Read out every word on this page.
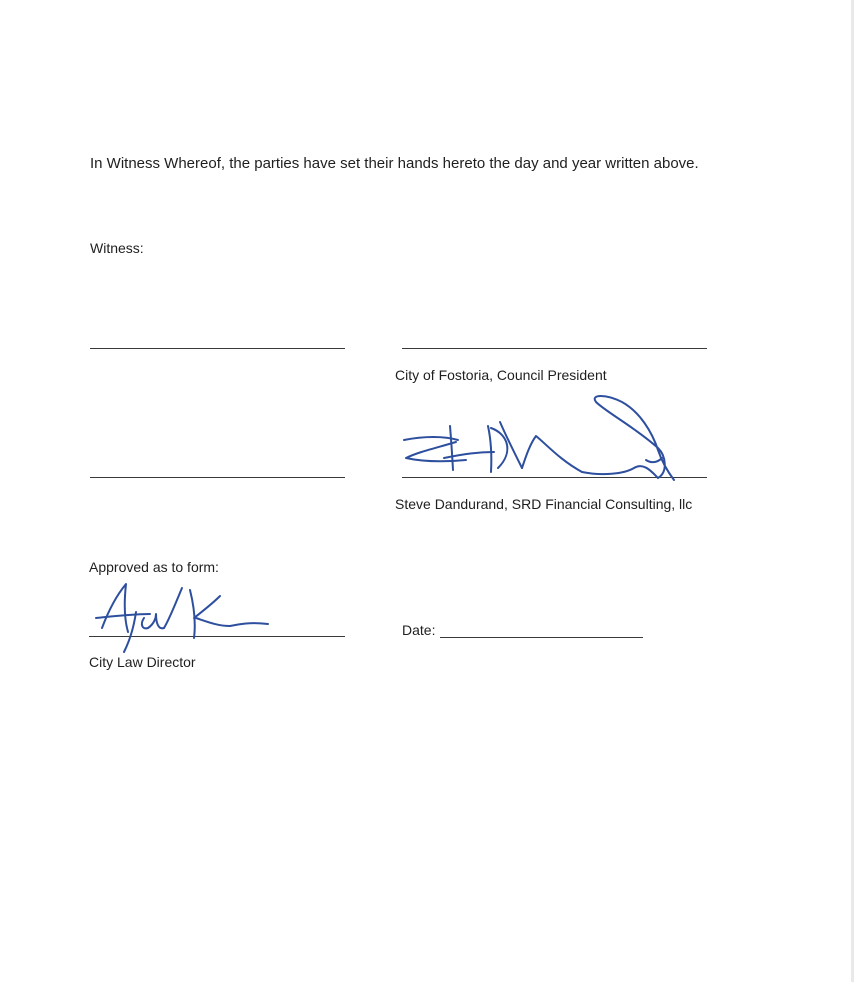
In Witness Whereof, the parties have set their hands hereto the day and year written above.
Witness:
City of Fostoria, Council President
Steve Dandurand, SRD Financial Consulting, llc
Approved as to form:
City Law Director
Date:
